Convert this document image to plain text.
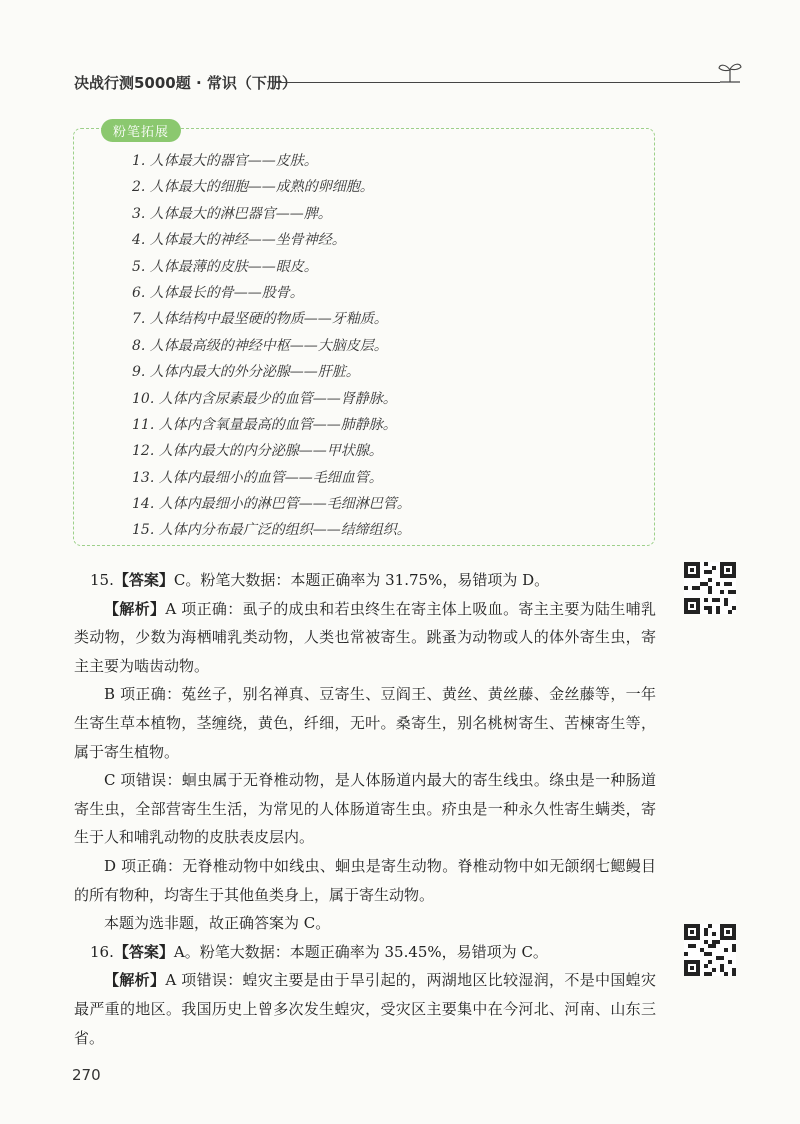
决战行测5000题 · 常识（下册）
粉笔拓展
1. 人体最大的器官——皮肤。
2. 人体最大的细胞——成熟的卵细胞。
3. 人体最大的淋巴器官——脾。
4. 人体最大的神经——坐骨神经。
5. 人体最薄的皮肤——眼皮。
6. 人体最长的骨——股骨。
7. 人体结构中最坚硬的物质——牙釉质。
8. 人体最高级的神经中枢——大脑皮层。
9. 人体内最大的外分泌腺——肝脏。
10. 人体内含尿素最少的血管——肾静脉。
11. 人体内含氧量最高的血管——肺静脉。
12. 人体内最大的内分泌腺——甲状腺。
13. 人体内最细小的血管——毛细血管。
14. 人体内最细小的淋巴管——毛细淋巴管。
15. 人体内分布最广泛的组织——结缔组织。

15.【答案】C。粉笔大数据：本题正确率为 31.75%，易错项为 D。

【解析】A 项正确：虱子的成虫和若虫终生在寄主体上吸血。寄主主要为陆生哺乳类动物，少数为海栖哺乳类动物，人类也常被寄生。跳蚤为动物或人的体外寄生虫，寄主主要为啮齿动物。

B 项正确：菟丝子，别名禅真、豆寄生、豆阎王、黄丝、黄丝藤、金丝藤等，一年生寄生草本植物，茎缠绕，黄色，纤细，无叶。桑寄生，别名桃树寄生、苦楝寄生等，属于寄生植物。

C 项错误：蛔虫属于无脊椎动物，是人体肠道内最大的寄生线虫。绦虫是一种肠道寄生虫，全部营寄生生活，为常见的人体肠道寄生虫。疥虫是一种永久性寄生螨类，寄生于人和哺乳动物的皮肤表皮层内。

D 项正确：无脊椎动物中如线虫、蛔虫是寄生动物。脊椎动物中如无颌纲七鳃鳗目的所有物种，均寄生于其他鱼类身上，属于寄生动物。

本题为选非题，故正确答案为 C。

16.【答案】A。粉笔大数据：本题正确率为 35.45%，易错项为 C。

【解析】A 项错误：蝗灾主要是由于旱引起的，两湖地区比较湿润，不是中国蝗灾最严重的地区。我国历史上曾多次发生蝗灾，受灾区主要集中在今河北、河南、山东三省。

270
